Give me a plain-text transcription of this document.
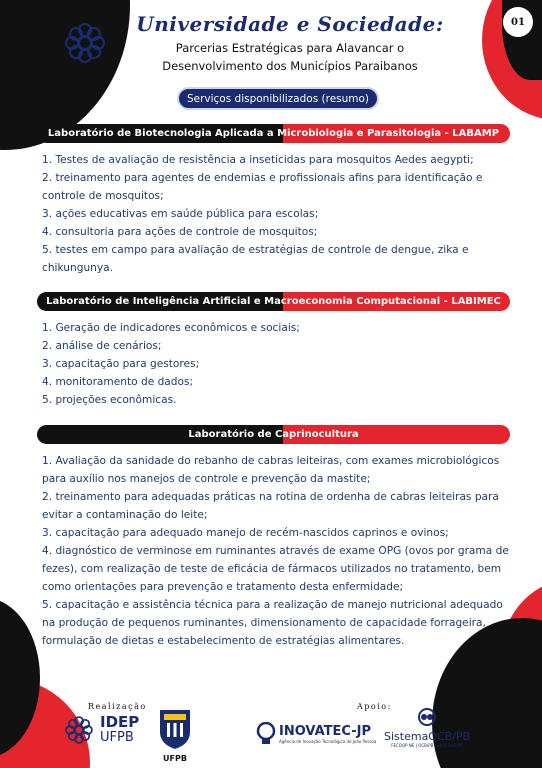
01
Universidade e Sociedade:
Parcerias Estratégicas para Alavancar o
Desenvolvimento dos Municípios Paraibanos
Serviços disponibilizados (resumo)
Laboratório de Biotecnologia Aplicada a Microbiologia e Parasitologia - LABAMP
1. Testes de avaliação de resistência a inseticidas para mosquitos Aedes aegypti;
2. treinamento para agentes de endemias e profissionais afins para identificação e controle de mosquitos;
3. ações educativas em saúde pública para escolas;
4. consultoria para ações de controle de mosquitos;
5. testes em campo para avaliação de estratégias de controle de dengue, zika e chikungunya.
Laboratório de Inteligência Artificial e Macroeconomia Computacional - LABIMEC
1. Geração de indicadores econômicos e sociais;
2. análise de cenários;
3. capacitação para gestores;
4. monitoramento de dados;
5. projeções econômicas.
Laboratório de Caprinocultura
1. Avaliação da sanidade do rebanho de cabras leiteiras, com exames microbiológicos para auxílio nos manejos de controle e prevenção da mastite;
2. treinamento para adequadas práticas na rotina de ordenha de cabras leiteiras para evitar a contaminação do leite;
3. capacitação para adequado manejo de recém-nascidos caprinos e ovinos;
4. diagnóstico de verminose em ruminantes através de exame OPG (ovos por grama de fezes), com realização de teste de eficácia de fármacos utilizados no tratamento, bem como orientações para prevenção e tratamento desta enfermidade;
5. capacitação e assistência técnica para a realização de manejo nutricional adequado na produção de pequenos ruminantes, dimensionamento de capacidade forrageira, formulação de dietas e estabelecimento de estratégias alimentares.
Realização	Apoio:
IDEP
UFPB
UFPB
INOVATEC-JP
Agência de Inovação Tecnológica de João Pessoa SistemaOCB/PB
FECOOP NE | OCB/PB | SESCOOP/PB
